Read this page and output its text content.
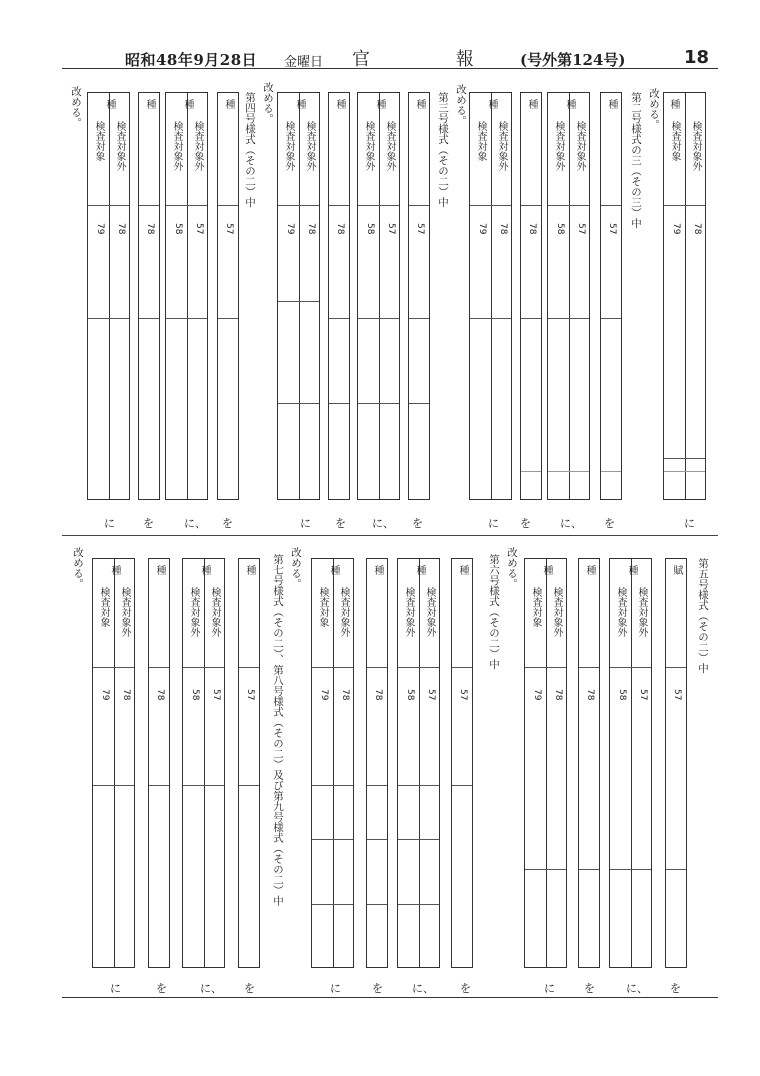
昭和48年9月28日 金曜日 官 報 (号外第124号)	18
種
検査対象外
検査対象
78
79
改める。
第二号様式の三（その三）中
に
種
57
を
種
検査対象外
検査対象外
57
58
に、
種
78
を
種
検査対象外
検査対象
78
79
に
改める。
第三号様式（その二）中
種
57
を
種
検査対象外
検査対象外
57
58
に、
種
78
を
種
検査対象外
検査対象外
78
79
に
改める。
第四号様式（その二）中
種
57
を
種
検査対象外
検査対象外
57
58
に、
種
78
を
種
検査対象外
検査対象
78
79
に
改める。
第五号様式（その二）中
賦
57
を
種
検査対象外
検査対象外
57
58
に、
種
78
を
種
検査対象外
検査対象
78
79
に
改める。
第六号様式（その二）中
種
57
を
種
検査対象外
検査対象外
57
58
に、
種
78
を
種
検査対象外
検査対象
78
79
に
改める。
第七号様式（その二）、第八号様式（その二）及び第九号様式（その二）中
種
57
を
種
検査対象外
検査対象外
57
58
に、
種
78
を
種
検査対象外
検査対象
78
79
に
改める。
